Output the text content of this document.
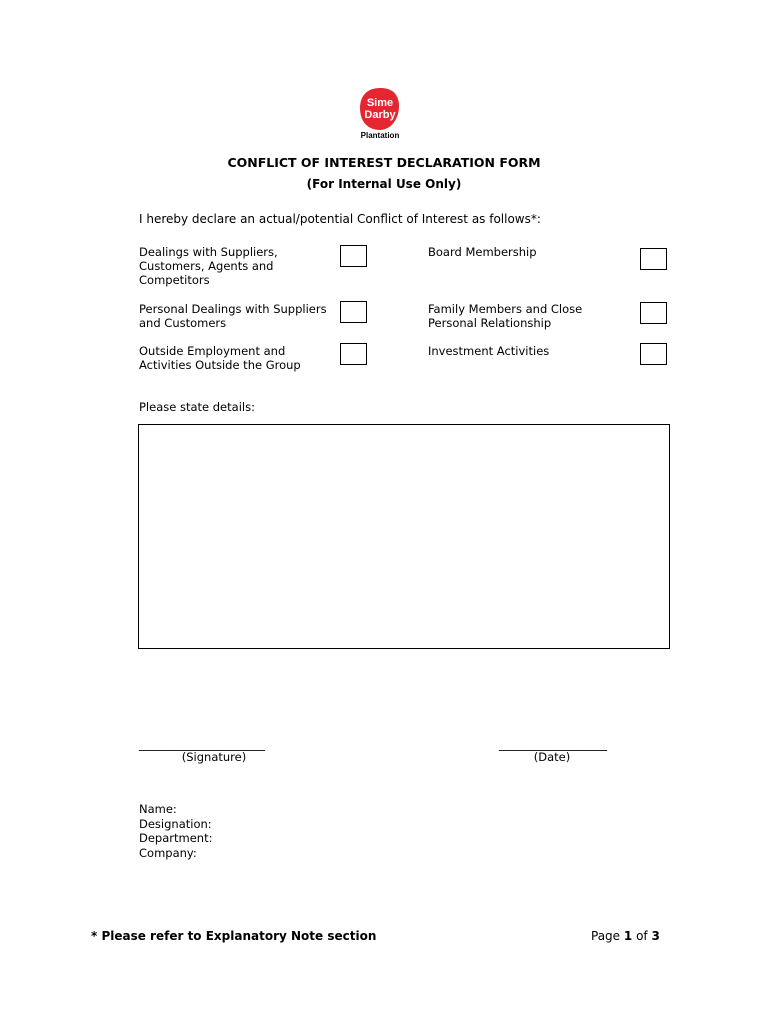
Sime
Darby
Plantation
CONFLICT OF INTEREST DECLARATION FORM
(For Internal Use Only)
I hereby declare an actual/potential Conflict of Interest as follows*:
Dealings with Suppliers,
Customers, Agents and
Competitors
Personal Dealings with Suppliers
and Customers
Outside Employment and
Activities Outside the Group
Board Membership
Family Members and Close
Personal Relationship
Investment Activities
Please state details:
_____________________
(Signature)
__________________
(Date)
Name:
Designation:
Department:
Company:
* Please refer to Explanatory Note section	Page 1 of 3
